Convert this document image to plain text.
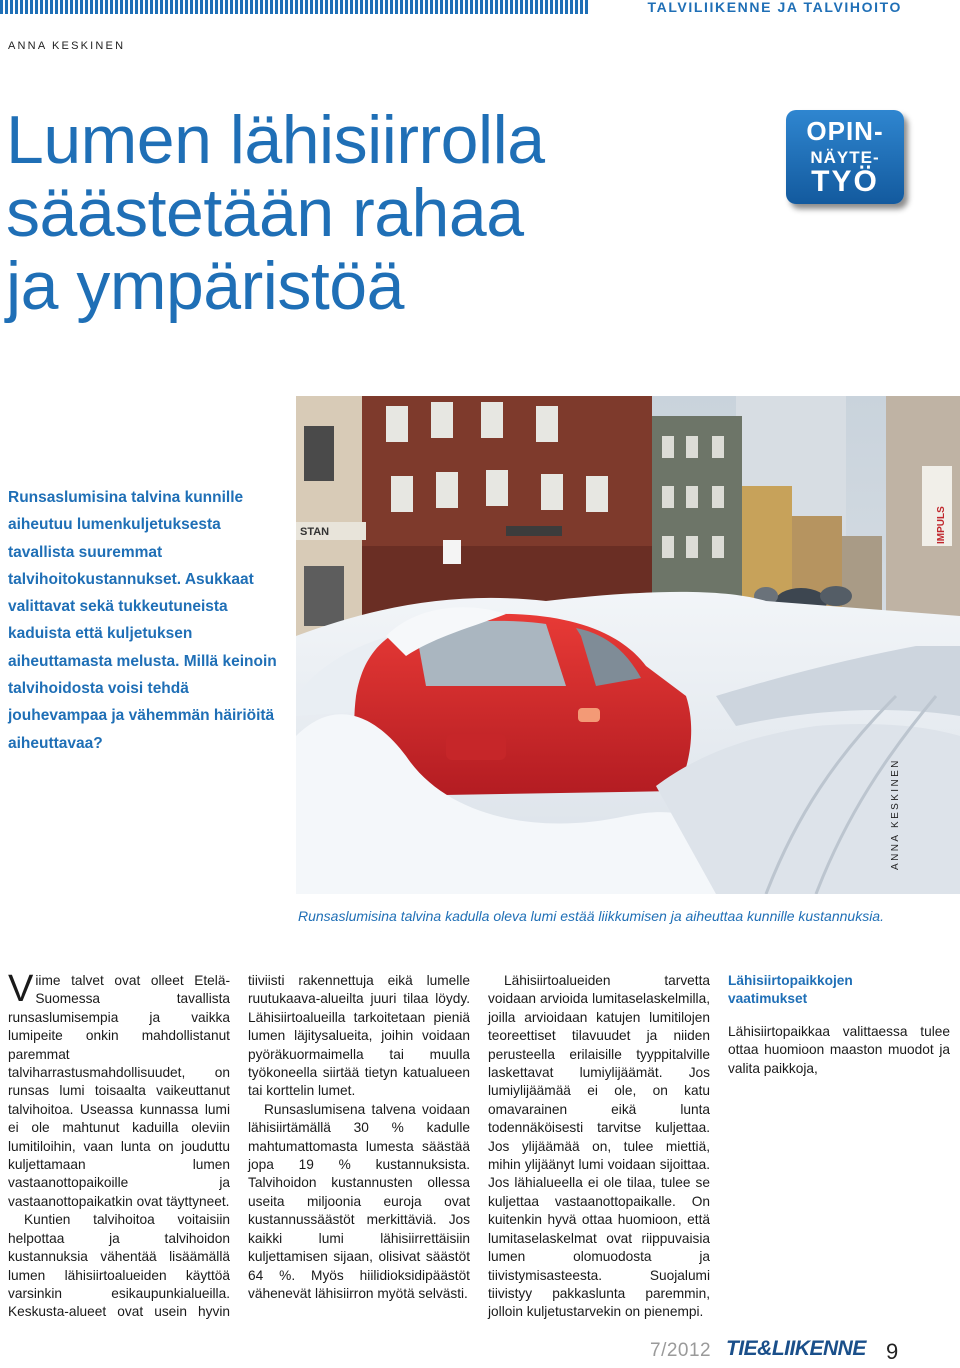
TALVILIIKENNE JA TALVIHOITO
ANNA KESKINEN
Lumen lähisiirrolla
säästetään rahaa
ja ympäristöä
OPIN-
NÄYTE-
TYÖ
Runsaslumisina talvina kunnille aiheutuu lumenkuljetuksesta tavallista suuremmat talvihoitokustannukset. Asukkaat valittavat sekä tukkeutuneista kaduista että kuljetuksen aiheuttamasta melusta. Millä keinoin talvihoidosta voisi tehdä jouhevampaa ja vähemmän häiriöitä aiheuttavaa?
STAN	IMPULS
ANNA KESKINEN
Runsaslumisina talvina kadulla oleva lumi estää liikkumisen ja aiheuttaa kunnille kustannuksia.

Viime talvet ovat olleet Etelä-Suomessa tavallista runsaslumisempia ja vaikka lumipeite onkin mahdollistanut paremmat talviharrastusmahdollisuudet, on runsas lumi toisaalta vaikeuttanut talvihoitoa. Useassa kunnassa lumi ei ole mahtunut kaduilla oleviin lumitiloihin, vaan lunta on jouduttu kuljettamaan lumen vastaanottopaikoille ja vastaanottopaikatkin ovat täyttyneet.

Kuntien talvihoitoa voitaisiin helpottaa ja talvihoidon kustannuksia vähentää lisäämällä lumen lähisiirtoalueiden käyttöä varsinkin esikaupunkialueilla. Keskusta-alueet ovat usein hyvin tiiviisti rakennettuja eikä lumelle ruutukaava-alueilta juuri tilaa löydy. Lähisiirtoalueilla tarkoitetaan pieniä lumen läjitysalueita, joihin voidaan pyöräkuormaimella tai muulla työkoneella siirtää tietyn katualueen tai korttelin lumet.

Runsaslumisena talvena voidaan lähisiirtämällä 30 % kadulle mahtumattomasta lumesta säästää jopa 19 % kustannuksista. Talvihoidon kustannusten ollessa useita miljoonia euroja ovat kustannussäästöt merkittäviä. Jos kaikki lumi lähisiirrettäisiin kuljettamisen sijaan, olisivat säästöt 64 %. Myös hiilidioksidipäästöt vähenevät lähisiirron myötä selvästi.

Lähisiirtoalueiden tarvetta voidaan arvioida lumitaselaskelmilla, joilla arvioidaan katujen lumitilojen teoreettiset tilavuudet ja niiden perusteella erilaisille tyyppitalville laskettavat lumiylijäämät. Jos lumiylijäämää ei ole, on katu omavarainen eikä lunta todennäköisesti tarvitse kuljettaa. Jos ylijäämää on, tulee miettiä, mihin ylijäänyt lumi voidaan sijoittaa. Jos lähialueella ei ole tilaa, tulee se kuljettaa vastaanottopaikalle. On kuitenkin hyvä ottaa huomioon, että lumitaselaskelmat ovat riippuvaisia lumen olomuodosta ja tiivistymisasteesta. Suojalumi tiivistyy pakkaslunta paremmin, jolloin kuljetustarvekin on pienempi.

Lähisiirtopaikkojen vaatimukset

Lähisiirtopaikkaa valittaessa tulee ottaa huomioon maaston muodot ja valita paikkoja,

7/2012 TIE&LIIKENNE 9
